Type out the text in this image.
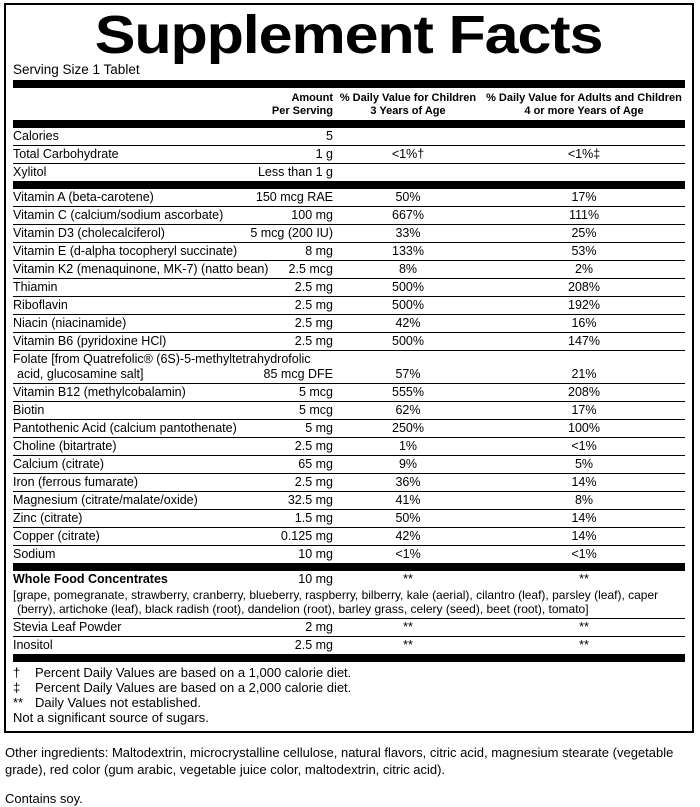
Supplement Facts
Serving Size 1 Tablet
Amount
Per Serving
% Daily Value for Children
3 Years of Age
% Daily Value for Adults and Children
4 or more Years of Age
Calories	5
Total Carbohydrate	1 g	<1%†	<1%‡
Xylitol	Less than 1 g
Vitamin A (beta-carotene)	150 mcg RAE	50%	17%
Vitamin C (calcium/sodium ascorbate)	100 mg	667%	111%
Vitamin D3 (cholecalciferol)	5 mcg (200 IU)	33%	25%
Vitamin E (d-alpha tocopheryl succinate)	8 mg	133%	53%
Vitamin K2 (menaquinone, MK-7) (natto bean) 2.5 mcg	8%	2%
Thiamin	2.5 mg	500%	208%
Riboflavin	2.5 mg	500%	192%
Niacin (niacinamide)	2.5 mg	42%	16%
Vitamin B6 (pyridoxine HCl)	2.5 mg	500%	147%
Folate [from Quatrefolic® (6S)-5-methyltetrahydrofolic
acid, glucosamine salt]	85 mcg DFE	57%	21%
Vitamin B12 (methylcobalamin)	5 mcg	555%	208%
Biotin	5 mcg	62%	17%
Pantothenic Acid (calcium pantothenate)	5 mg	250%	100%
Choline (bitartrate)	2.5 mg	1%	<1%
Calcium (citrate)	65 mg	9%	5%
Iron (ferrous fumarate)	2.5 mg	36%	14%
Magnesium (citrate/malate/oxide)	32.5 mg	41%	8%
Zinc (citrate)	1.5 mg	50%	14%
Copper (citrate)	0.125 mg	42%	14%
Sodium	10 mg	<1%	<1%
Whole Food Concentrates	10 mg	**	**
[grape, pomegranate, strawberry, cranberry, blueberry, raspberry, bilberry, kale (aerial), cilantro (leaf), parsley (leaf), caper (berry), artichoke (leaf), black radish (root), dandelion (root), barley grass, celery (seed), beet (root), tomato]
Stevia Leaf Powder	2 mg	**	**
Inositol	2.5 mg	**	**
†	Percent Daily Values are based on a 1,000 calorie diet.
‡	Percent Daily Values are based on a 2,000 calorie diet.
** Daily Values not established.
Not a significant source of sugars.

Other ingredients: Maltodextrin, microcrystalline cellulose, natural flavors, citric acid, magnesium stearate (vegetable grade), red color (gum arabic, vegetable juice color, maltodextrin, citric acid).

Contains soy.
